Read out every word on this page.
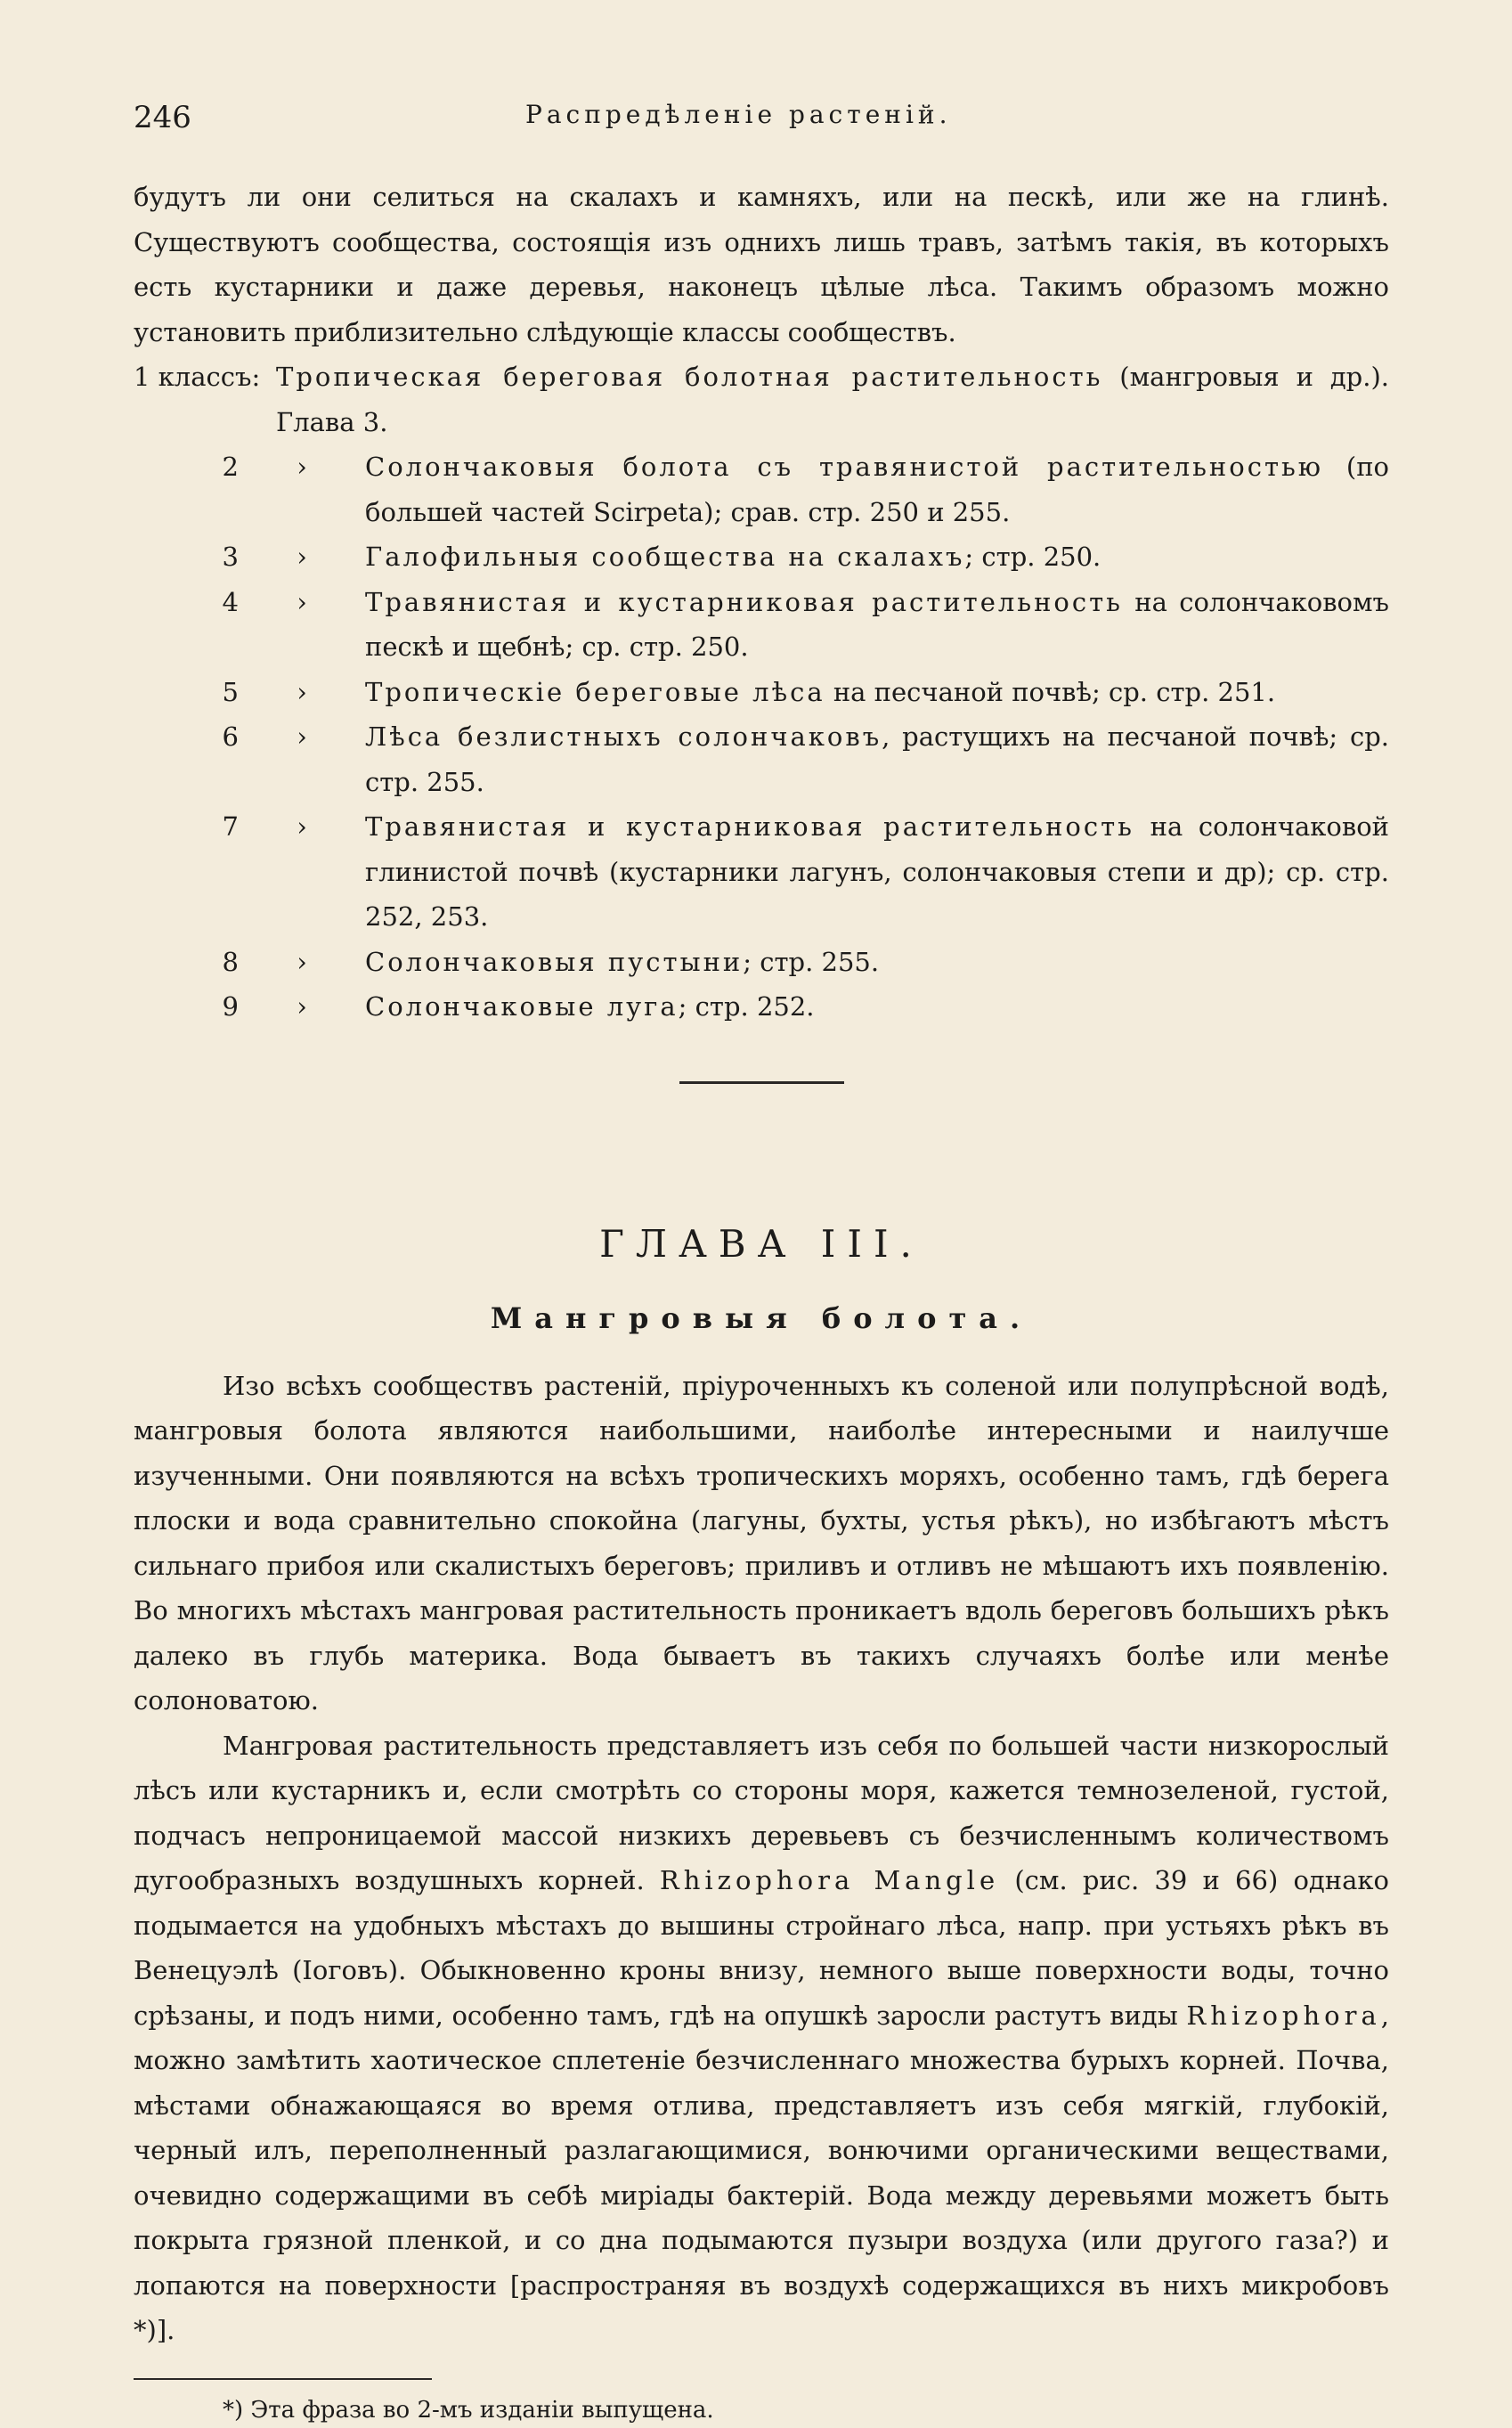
246	Распредѣленіе растеній.

будутъ ли они селиться на скалахъ и камняхъ, или на пескѣ, или же на глинѣ. Существуютъ сообщества, состоящія изъ однихъ лишь травъ, затѣмъ такія, въ которыхъ есть кустарники и даже деревья, наконецъ цѣлые лѣса. Такимъ образомъ можно установить приблизительно слѣдующіе классы сообществъ.

1 классъ: Тропическая береговая болотная растительность (мангровыя и др.). Глава 3.
2	›	Солончаковыя болота съ травянистой растительностью (по большей частей Scirpeta); срав. стр. 250 и 255.
3	›	Галофильныя сообщества на скалахъ; стр. 250.
4	›	Травянистая и кустарниковая растительность на солончаковомъ пескѣ и щебнѣ; ср. стр. 250.
5	›	Тропическіе береговые лѣса на песчаной почвѣ; ср. стр. 251.
6	›	Лѣса безлистныхъ солончаковъ, растущихъ на песчаной почвѣ; ср. стр. 255.
7	›	Травянистая и кустарниковая растительность на солончаковой глинистой почвѣ (кустарники лагунъ, солончаковыя степи и др); ср. стр. 252, 253.
8	›	Солончаковыя пустыни; стр. 255.
9	›	Солончаковые луга; стр. 252.
ГЛАВА III.
Мангровыя болота.

Изо всѣхъ сообществъ растеній, пріуроченныхъ къ соленой или полупрѣсной водѣ, мангровыя болота являются наибольшими, наиболѣе интересными и наилучше изученными. Они появляются на всѣхъ тропическихъ моряхъ, особенно тамъ, гдѣ берега плоски и вода сравнительно спокойна (лагуны, бухты, устья рѣкъ), но избѣгаютъ мѣстъ сильнаго прибоя или скалистыхъ береговъ; приливъ и отливъ не мѣшаютъ ихъ появленію. Во многихъ мѣстахъ мангровая растительность проникаетъ вдоль береговъ большихъ рѣкъ далеко въ глубь материка. Вода бываетъ въ такихъ случаяхъ болѣе или менѣе солоноватою.

Мангровая растительность представляетъ изъ себя по большей части низкорослый лѣсъ или кустарникъ и, если смотрѣть со стороны моря, кажется темнозеленой, густой, подчасъ непроницаемой массой низкихъ деревьевъ съ безчисленнымъ количествомъ дугообразныхъ воздушныхъ корней. Rhizophora Mangle (см. рис. 39 и 66) однако подымается на удобныхъ мѣстахъ до вышины стройнаго лѣса, напр. при устьяхъ рѣкъ въ Венецуэлѣ (Іоговъ). Обыкновенно кроны внизу, немного выше поверхности воды, точно срѣзаны, и подъ ними, особенно тамъ, гдѣ на опушкѣ заросли растутъ виды Rhizophora, можно замѣтить хаотическое сплетеніе безчисленнаго множества бурыхъ корней. Почва, мѣстами обнажающаяся во время отлива, представляетъ изъ себя мягкій, глубокій, черный илъ, переполненный разлагающимися, вонючими органическими веществами, очевидно содержащими въ себѣ миріады бактерій. Вода между деревьями можетъ быть покрыта грязной пленкой, и со дна подымаются пузыри воздуха (или другого газа?) и лопаются на поверхности [распространяя въ воздухѣ содержащихся въ нихъ микробовъ *)].

*) Эта фраза во 2-мъ изданіи выпущена.
